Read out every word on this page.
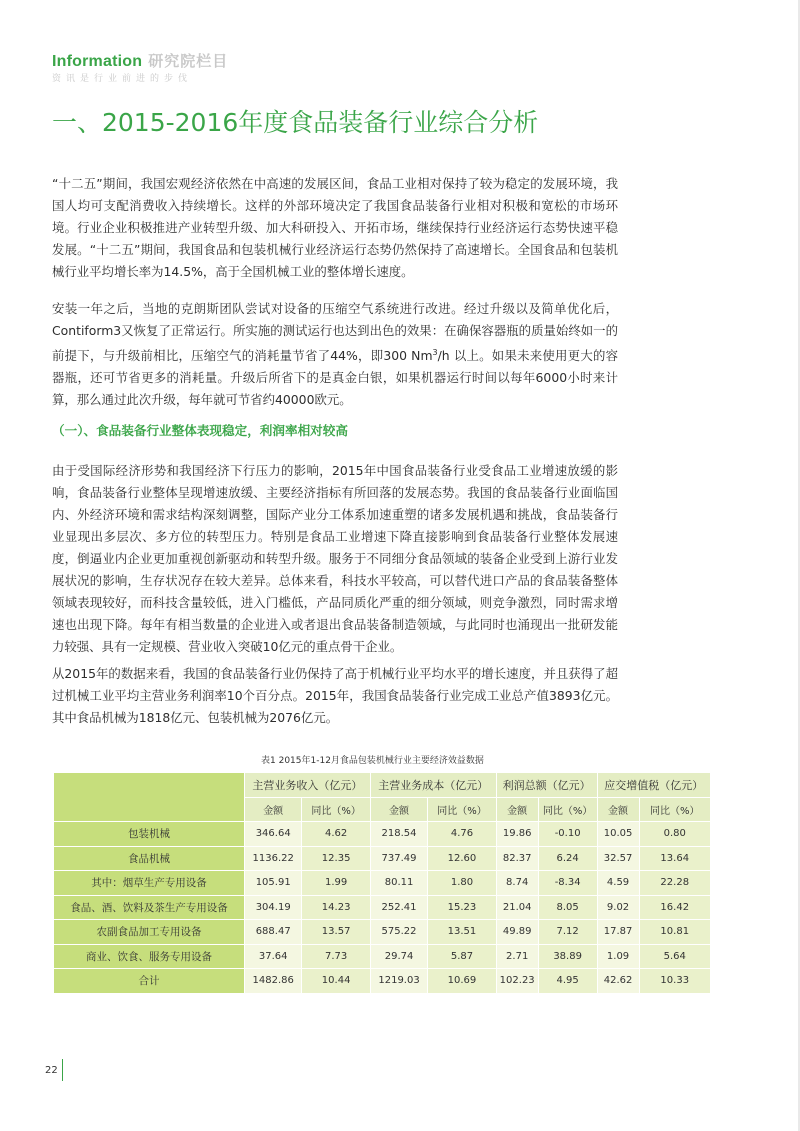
Information 研究院栏目
资讯是行业前进的步伐
一、2015-2016年度食品装备行业综合分析

“十二五”期间，我国宏观经济依然在中高速的发展区间，食品工业相对保持了较为稳定的发展环境，我国人均可支配消费收入持续增长。这样的外部环境决定了我国食品装备行业相对积极和宽松的市场环境。行业企业积极推进产业转型升级、加大科研投入、开拓市场，继续保持行业经济运行态势快速平稳发展。“十二五”期间，我国食品和包装机械行业经济运行态势仍然保持了高速增长。全国食品和包装机械行业平均增长率为14.5%，高于全国机械工业的整体增长速度。

安装一年之后，当地的克朗斯团队尝试对设备的压缩空气系统进行改进。经过升级以及简单优化后，Contiform3又恢复了正常运行。所实施的测试运行也达到出色的效果：在确保容器瓶的质量始终如一的前提下，与升级前相比，压缩空气的消耗量节省了44%，即300 Nm$^3$/h 以上。如果未来使用更大的容器瓶，还可节省更多的消耗量。升级后所省下的是真金白银，如果机器运行时间以每年6000小时来计算，那么通过此次升级，每年就可节省约40000欧元。

（一）、食品装备行业整体表现稳定，利润率相对较高

由于受国际经济形势和我国经济下行压力的影响，2015年中国食品装备行业受食品工业增速放缓的影响，食品装备行业整体呈现增速放缓、主要经济指标有所回落的发展态势。我国的食品装备行业面临国内、外经济环境和需求结构深刻调整，国际产业分工体系加速重塑的诸多发展机遇和挑战，食品装备行业显现出多层次、多方位的转型压力。特别是食品工业增速下降直接影响到食品装备行业整体发展速度，倒逼业内企业更加重视创新驱动和转型升级。服务于不同细分食品领域的装备企业受到上游行业发展状况的影响，生存状况存在较大差异。总体来看，科技水平较高，可以替代进口产品的食品装备整体领域表现较好，而科技含量较低，进入门槛低，产品同质化严重的细分领域，则竞争激烈，同时需求增速也出现下降。每年有相当数量的企业进入或者退出食品装备制造领域，与此同时也涌现出一批研发能力较强、具有一定规模、营业收入突破10亿元的重点骨干企业。

从2015年的数据来看，我国的食品装备行业仍保持了高于机械行业平均水平的增长速度，并且获得了超过机械工业平均主营业务利润率10个百分点。2015年，我国食品装备行业完成工业总产值3893亿元。其中食品机械为1818亿元、包装机械为2076亿元。

表1 2015年1-12月食品包装机械行业主要经济效益数据
	主营业务收入（亿元）		主营业务成本（亿元）		利润总额（亿元）		应交增值税（亿元）	
	金额	同比（%）	金额	同比（%）	金额	同比（%）	金额	同比（%）
包装机械	346.64	4.62	218.54	4.76	19.86	-0.10	10.05	0.80
食品机械	1136.22	12.35	737.49	12.60	82.37	6.24	32.57	13.64
其中：烟草生产专用设备	105.91	1.99	80.11	1.80	8.74	-8.34	4.59	22.28
食品、酒、饮料及茶生产专用设备	304.19	14.23	252.41	15.23	21.04	8.05	9.02	16.42
农副食品加工专用设备	688.47	13.57	575.22	13.51	49.89	7.12	17.87	10.81
商业、饮食、服务专用设备	37.64	7.73	29.74	5.87	2.71	38.89	1.09	5.64
合计	1482.86	10.44	1219.03	10.69	102.23	4.95	42.62	10.33
22
